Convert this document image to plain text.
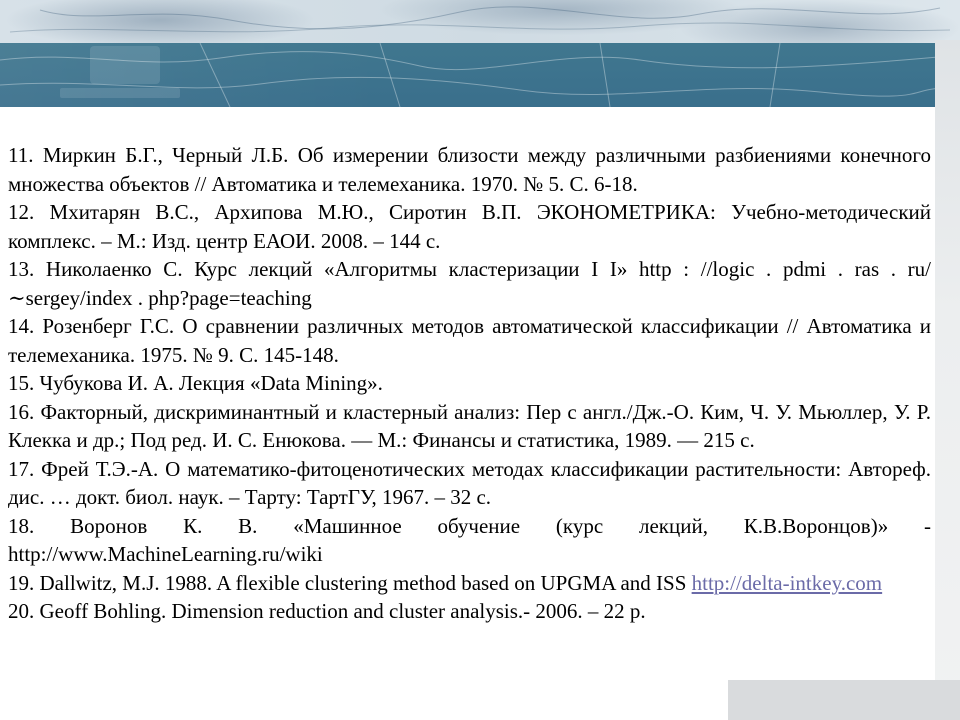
11. Миркин Б.Г., Черный Л.Б. Об измерении близости между различными разбиениями конечного множества объектов // Автоматика и телемеханика. 1970. № 5. С. 6-18.
12. Мхитарян В.С., Архипова М.Ю., Сиротин В.П. ЭКОНОМЕТРИКА: Учебно-методический комплекс. – М.: Изд. центр ЕАОИ. 2008. – 144 с.
13. Николаенко С. Курс лекций «Алгоритмы кластеризации I I» http : //logic . pdmi . ras . ru/∼sergey/index . php?page=teaching
14. Розенберг Г.С. О сравнении различных методов автоматической классификации // Автоматика и телемеханика. 1975. № 9. С. 145-148.
15. Чубукова И. А. Лекция «Data Mining».
16. Факторный, дискриминантный и кластерный анализ: Пер с англ./Дж.-О. Ким, Ч. У. Мьюллер, У. Р. Клекка и др.; Под ред. И. С. Енюкова. — М.: Финансы и статистика, 1989. — 215 с.
17. Фрей Т.Э.-А. О математико-фитоценотических методах классификации растительности: Автореф. дис. … докт. биол. наук. – Тарту: ТартГУ, 1967. – 32 с.
18. Воронов К. В. «Машинное обучение (курс лекций, К.В.Воронцов)» -http://www.MachineLearning.ru/wiki
19. Dallwitz, M.J. 1988. A flexible clustering method based on UPGMA and ISS http://delta-intkey.com
20. Geoff Bohling. Dimension reduction and cluster analysis.- 2006. – 22 p.
